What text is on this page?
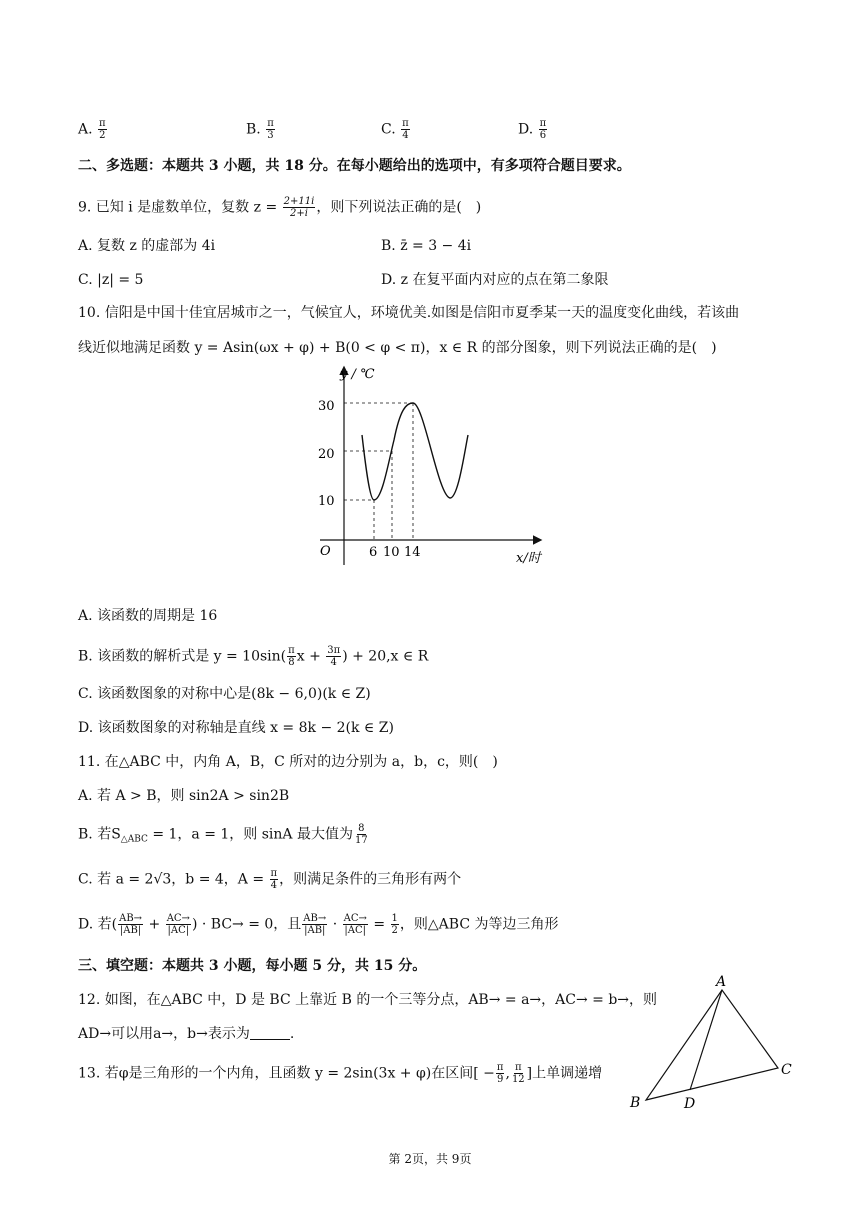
A. $\frac{\pi}{2}$	B. $\frac{\pi}{3}$	C. $\frac{\pi}{4}$	D. $\frac{\pi}{6}$
二、多选题：本题共 3 小题，共 18 分。在每小题给出的选项中，有多项符合题目要求。
9. 已知 i 是虚数单位，复数 $z = \frac{2+11i}{2+i}$ ，则下列说法正确的是(　)
A. 复数 z 的虚部为 4i	B. z̄ = 3 − 4i
C. |z| = 5	D. z 在复平面内对应的点在第二象限
10. 信阳是中国十佳宜居城市之一，气候宜人，环境优美.如图是信阳市夏季某一天的温度变化曲线，若该曲
线近似地满足函数 y = Asin(ωx + φ) + B(0 < φ < π)，x ∈ R 的部分图象，则下列说法正确的是(　)
y / ℃
x/时
O
30
20
10
6 10 14
A. 该函数的周期是 16
B. 该函数的解析式是 $y = 10\sin( \frac{\pi}{8}$ $x + \frac{3\pi}{4}$ ) + 20,x ∈ R
C. 该函数图象的对称中心是(8k − 6,0)(k ∈ Z)
D. 该函数图象的对称轴是直线 x = 8k − 2(k ∈ Z)
11. 在△ABC 中，内角 A，B，C 所对的边分别为 a，b，c，则(　)
A. 若 A > B，则 sin2A > sin2B
B. 若$S_{\triangle ABC} = 1$，a = 1，则 sinA 最大值为 $\frac{8}{17}$
C. 若 a = 2√3，b = 4，$A = \frac{\pi}{4}$ ，则满足条件的三角形有两个
D. 若( $\frac{AB\to}{|AB|} + \frac{AC\to}{|AC|}$ ) · BC→ = 0，且 $\frac{AB\to}{|AB|} \cdot \frac{AC\to}{|AC|} = \frac{1}{2}$ ，则△ABC 为等边三角形
三、填空题：本题共 3 小题，每小题 5 分，共 15 分。
12. 如图，在△ABC 中，D 是 BC 上靠近 B 的一个三等分点，AB→ = a→，AC→ = b→，则
AD→可以用a→，b→表示为	.
13. 若φ是三角形的一个内角，且函数 y = 2sin(3x + φ)在区间[ − $\frac{\pi}{9}$ , $\frac{\pi}{12}$ ]上单调递增
A
B
C
D
第 2页，共 9页
